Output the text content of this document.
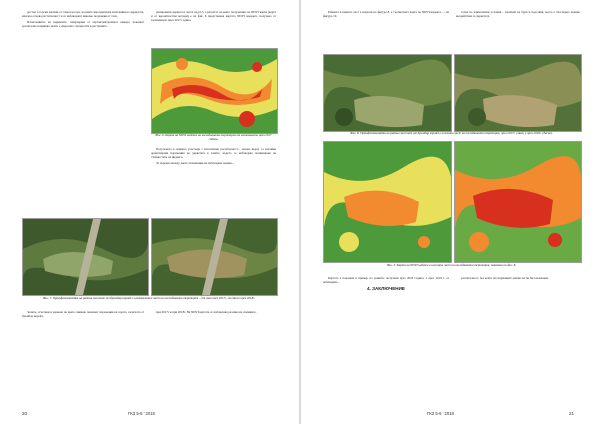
достъп в горски масиви от самосеи гора, на които има вдигнати изсичания на дърветата, или въз основа растителност и се наблюдават няколко подложки от тази.

Изчисленията на индексите, генерирани от мултиспектралната камера, показват растителна покривка, която е свързана с процесите в растенията.

унищожени дървета и части над 0.5, а резултат на която полученият по NDVI карти (карта и от вероятностни методи) е на фиг. 6 представена картата NDVI индекса, получена от заснемането през 2017 година.

Фиг. 6. Карта на NDVI индекса на изследваната територия от заснемането през 2017 година.

Получената в червено участъци с използване растителност... зонове върху са значими ориентирани поражения на дърветата в зоните, където се наблюдава понижаване на стойностите на индекса.

За поредна между двете заснемания не наблюдава оценка...

Фиг. 7. Ортофотомозайка на района засегнат от бръмбар корояд в централната част на изследваната територия – от ляво през 2017г, от дясно през 2018г.

Зоните, отчетени в червено на двете снимки, показват поражения на гората, засегната от бръмбар корояд.

при 2017г и при 2018г. На NDVI картата се наблюдава разлика на снимките.

20	ГКЗ 5-6 ' 2018

Районът в южната част е показан на фигура 8, а съответната карта на NDVI индекса — на фигура 10.

точка на климатични условия – наличие на буря и бедствия, което е безспорно мощно въздействие за дърветата.

Фиг. 8. Ортофотомозайка на района засегнат от бръмбар корояд в южната част на изследваната територия, през 2017г. (ляво) и през 2018г. (дясно).
Фиг. 9. Карта на NDVI индекса в южната част на изследваната територия, показана на фиг. 8.

Картата е показана в пример на данните получени през 2018 година, а през 2019 г. се наблюдава...

4. ЗАКЛЮЧЕНИЕ

растителност, без които последващият анализ не би бил възможен.

ГКЗ 5-6 ' 2018	21
